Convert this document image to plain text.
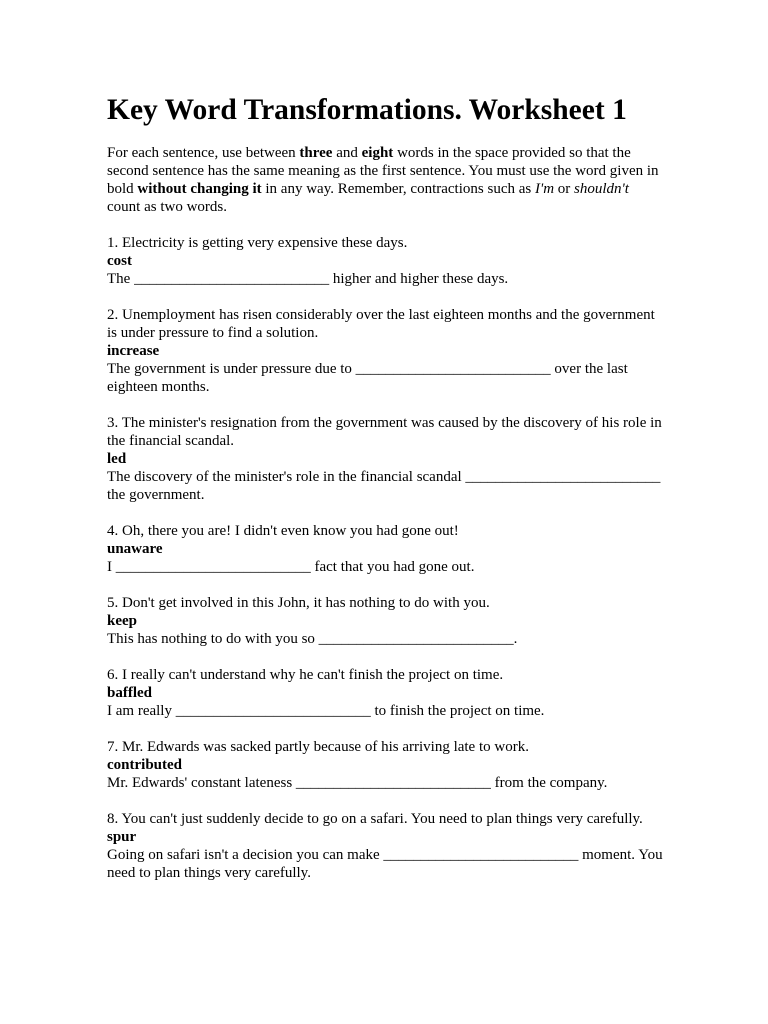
Key Word Transformations. Worksheet 1

For each sentence, use between three and eight words in the space provided so that the second sentence has the same meaning as the first sentence. You must use the word given in bold without changing it in any way. Remember, contractions such as I'm or shouldn't count as two words.

1. Electricity is getting very expensive these days.

cost

The __________________________ higher and higher these days.

2. Unemployment has risen considerably over the last eighteen months and the government is under pressure to find a solution.

increase

The government is under pressure due to __________________________ over the last eighteen months.

3. The minister's resignation from the government was caused by the discovery of his role in the financial scandal.

led

The discovery of the minister's role in the financial scandal __________________________ the government.

4. Oh, there you are! I didn't even know you had gone out!

unaware

I __________________________ fact that you had gone out.

5. Don't get involved in this John, it has nothing to do with you.

keep

This has nothing to do with you so __________________________.

6. I really can't understand why he can't finish the project on time.

baffled

I am really __________________________ to finish the project on time.

7. Mr. Edwards was sacked partly because of his arriving late to work.

contributed

Mr. Edwards' constant lateness __________________________ from the company.

8. You can't just suddenly decide to go on a safari. You need to plan things very carefully.

spur

Going on safari isn't a decision you can make __________________________ moment. You need to plan things very carefully.
